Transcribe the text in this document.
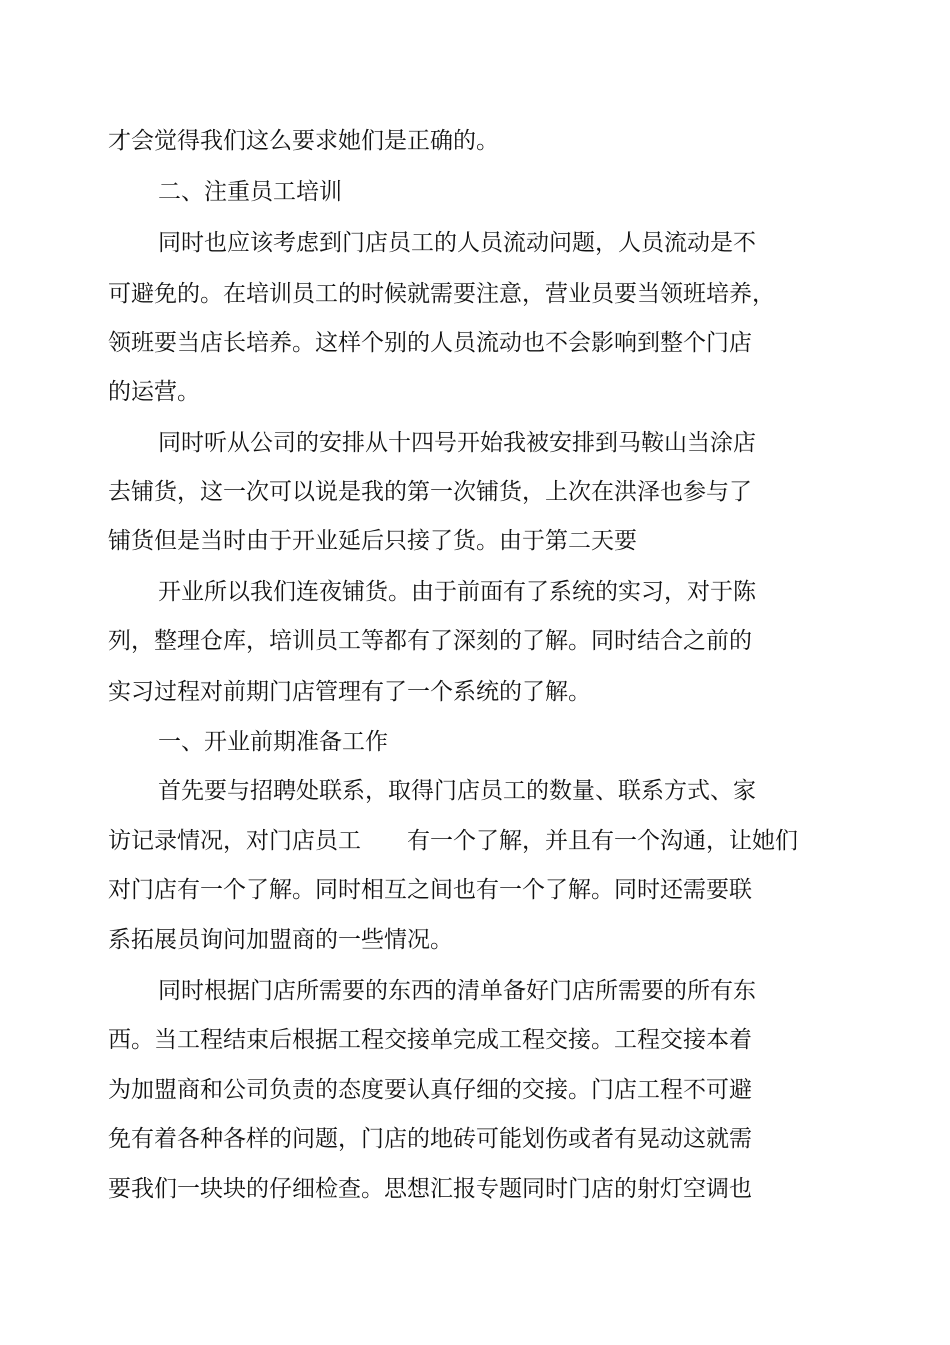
才会觉得我们这么要求她们是正确的。
二、注重员工培训
同时也应该考虑到门店员工的人员流动问题，人员流动是不
可避免的。在培训员工的时候就需要注意，营业员要当领班培养，
领班要当店长培养。这样个别的人员流动也不会影响到整个门店
的运营。
同时听从公司的安排从十四号开始我被安排到马鞍山当涂店
去铺货，这一次可以说是我的第一次铺货，上次在洪泽也参与了
铺货但是当时由于开业延后只接了货。由于第二天要
开业所以我们连夜铺货。由于前面有了系统的实习，对于陈
列，整理仓库，培训员工等都有了深刻的了解。同时结合之前的
实习过程对前期门店管理有了一个系统的了解。
一、开业前期准备工作
首先要与招聘处联系，取得门店员工的数量、联系方式、家
访记录情况，对门店员工　　有一个了解，并且有一个沟通，让她们
对门店有一个了解。同时相互之间也有一个了解。同时还需要联
系拓展员询问加盟商的一些情况。
同时根据门店所需要的东西的清单备好门店所需要的所有东
西。当工程结束后根据工程交接单完成工程交接。工程交接本着
为加盟商和公司负责的态度要认真仔细的交接。门店工程不可避
免有着各种各样的问题，门店的地砖可能划伤或者有晃动这就需
要我们一块块的仔细检查。思想汇报专题同时门店的射灯空调也
